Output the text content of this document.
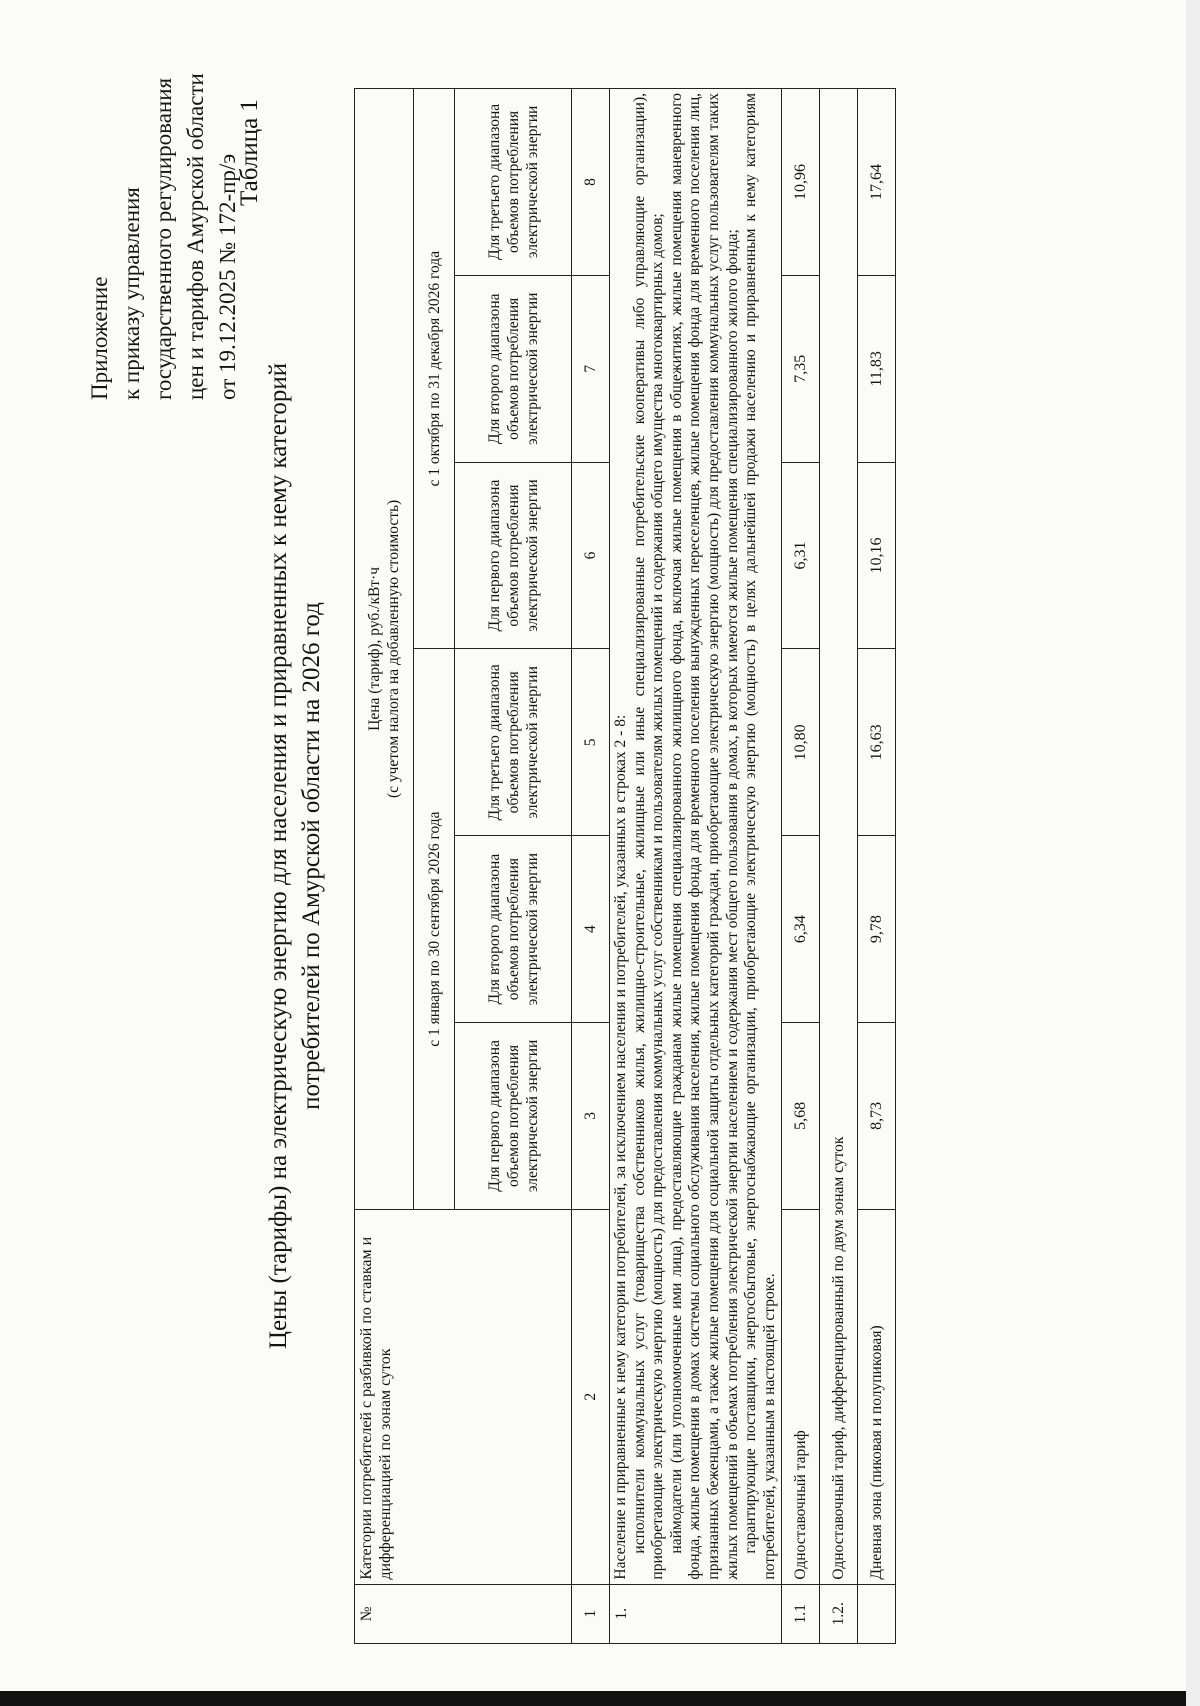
Приложение к приказу управления государственного регулирования цен и тарифов Амурской области от 19.12.2025 № 172-пр/э
Таблица 1
Цены (тарифы) на электрическую энергию для населения и приравненных к нему категорий потребителей по Амурской области на 2026 год
№	Категории потребителей с разбивкой по ставкам и дифференциацией по зонам суток	Цена (тариф), руб./кВт·ч (с учетом налога на добавленную стоимость)					

		с 1 января по 30 сентября 2026 года			с 1 октября по 31 декабря 2026 года		
		Для первого диапазона объемов потребления электрической энергии	Для второго диапазона объемов потребления электрической энергии	Для третьего диапазона объемов потребления электрической энергии	Для первого диапазона объемов потребления электрической энергии	Для второго диапазона объемов потребления электрической энергии	Для третьего диапазона объемов потребления электрической энергии
1	2	3	4	5	6	7	8
1.	Население и приравненные к нему категории потребителей, за исключением населения и потребителей, указанных в строках 2 - 8: исполнители коммунальных услуг (товарищества собственников жилья, жилищно-строительные, жилищные или иные специализированные потребительские кооперативы либо управляющие организации), приобретающие электрическую энергию (мощность) для предоставления коммунальных услуг собственникам и пользователям жилых помещений и содержания общего имущества многоквартирных домов; наймодатели (или уполномоченные ими лица), предоставляющие гражданам жилые помещения специализированного жилищного фонда, включая жилые помещения в общежитиях, жилые помещения маневренного фонда, жилые помещения в домах системы социального обслуживания населения, жилые помещения фонда для временного поселения вынужденных переселенцев, жилые помещения фонда для временного поселения лиц, признанных беженцами, а также жилые помещения для социальной защиты отдельных категорий граждан, приобретающие электрическую энергию (мощность) для предоставления коммунальных услуг пользователям таких жилых помещений в объемах потребления электрической энергии населением и содержания мест общего пользования в домах, в которых имеются жилые помещения специализированного жилого фонда; гарантирующие поставщики, энергосбытовые, энергоснабжающие организации, приобретающие электрическую энергию (мощность) в целях дальнейшей продажи населению и приравненным к нему категориям потребителей, указанным в настоящей строке.						

1.1	Одноставочный тариф	5,68	6,34	10,80	6,31	7,35	10,96
1.2.	Одноставочный тариф, дифференцированный по двум зонам суток						
	Дневная зона (пиковая и полупиковая)	8,73	9,78	16,63	10,16	11,83	17,64
